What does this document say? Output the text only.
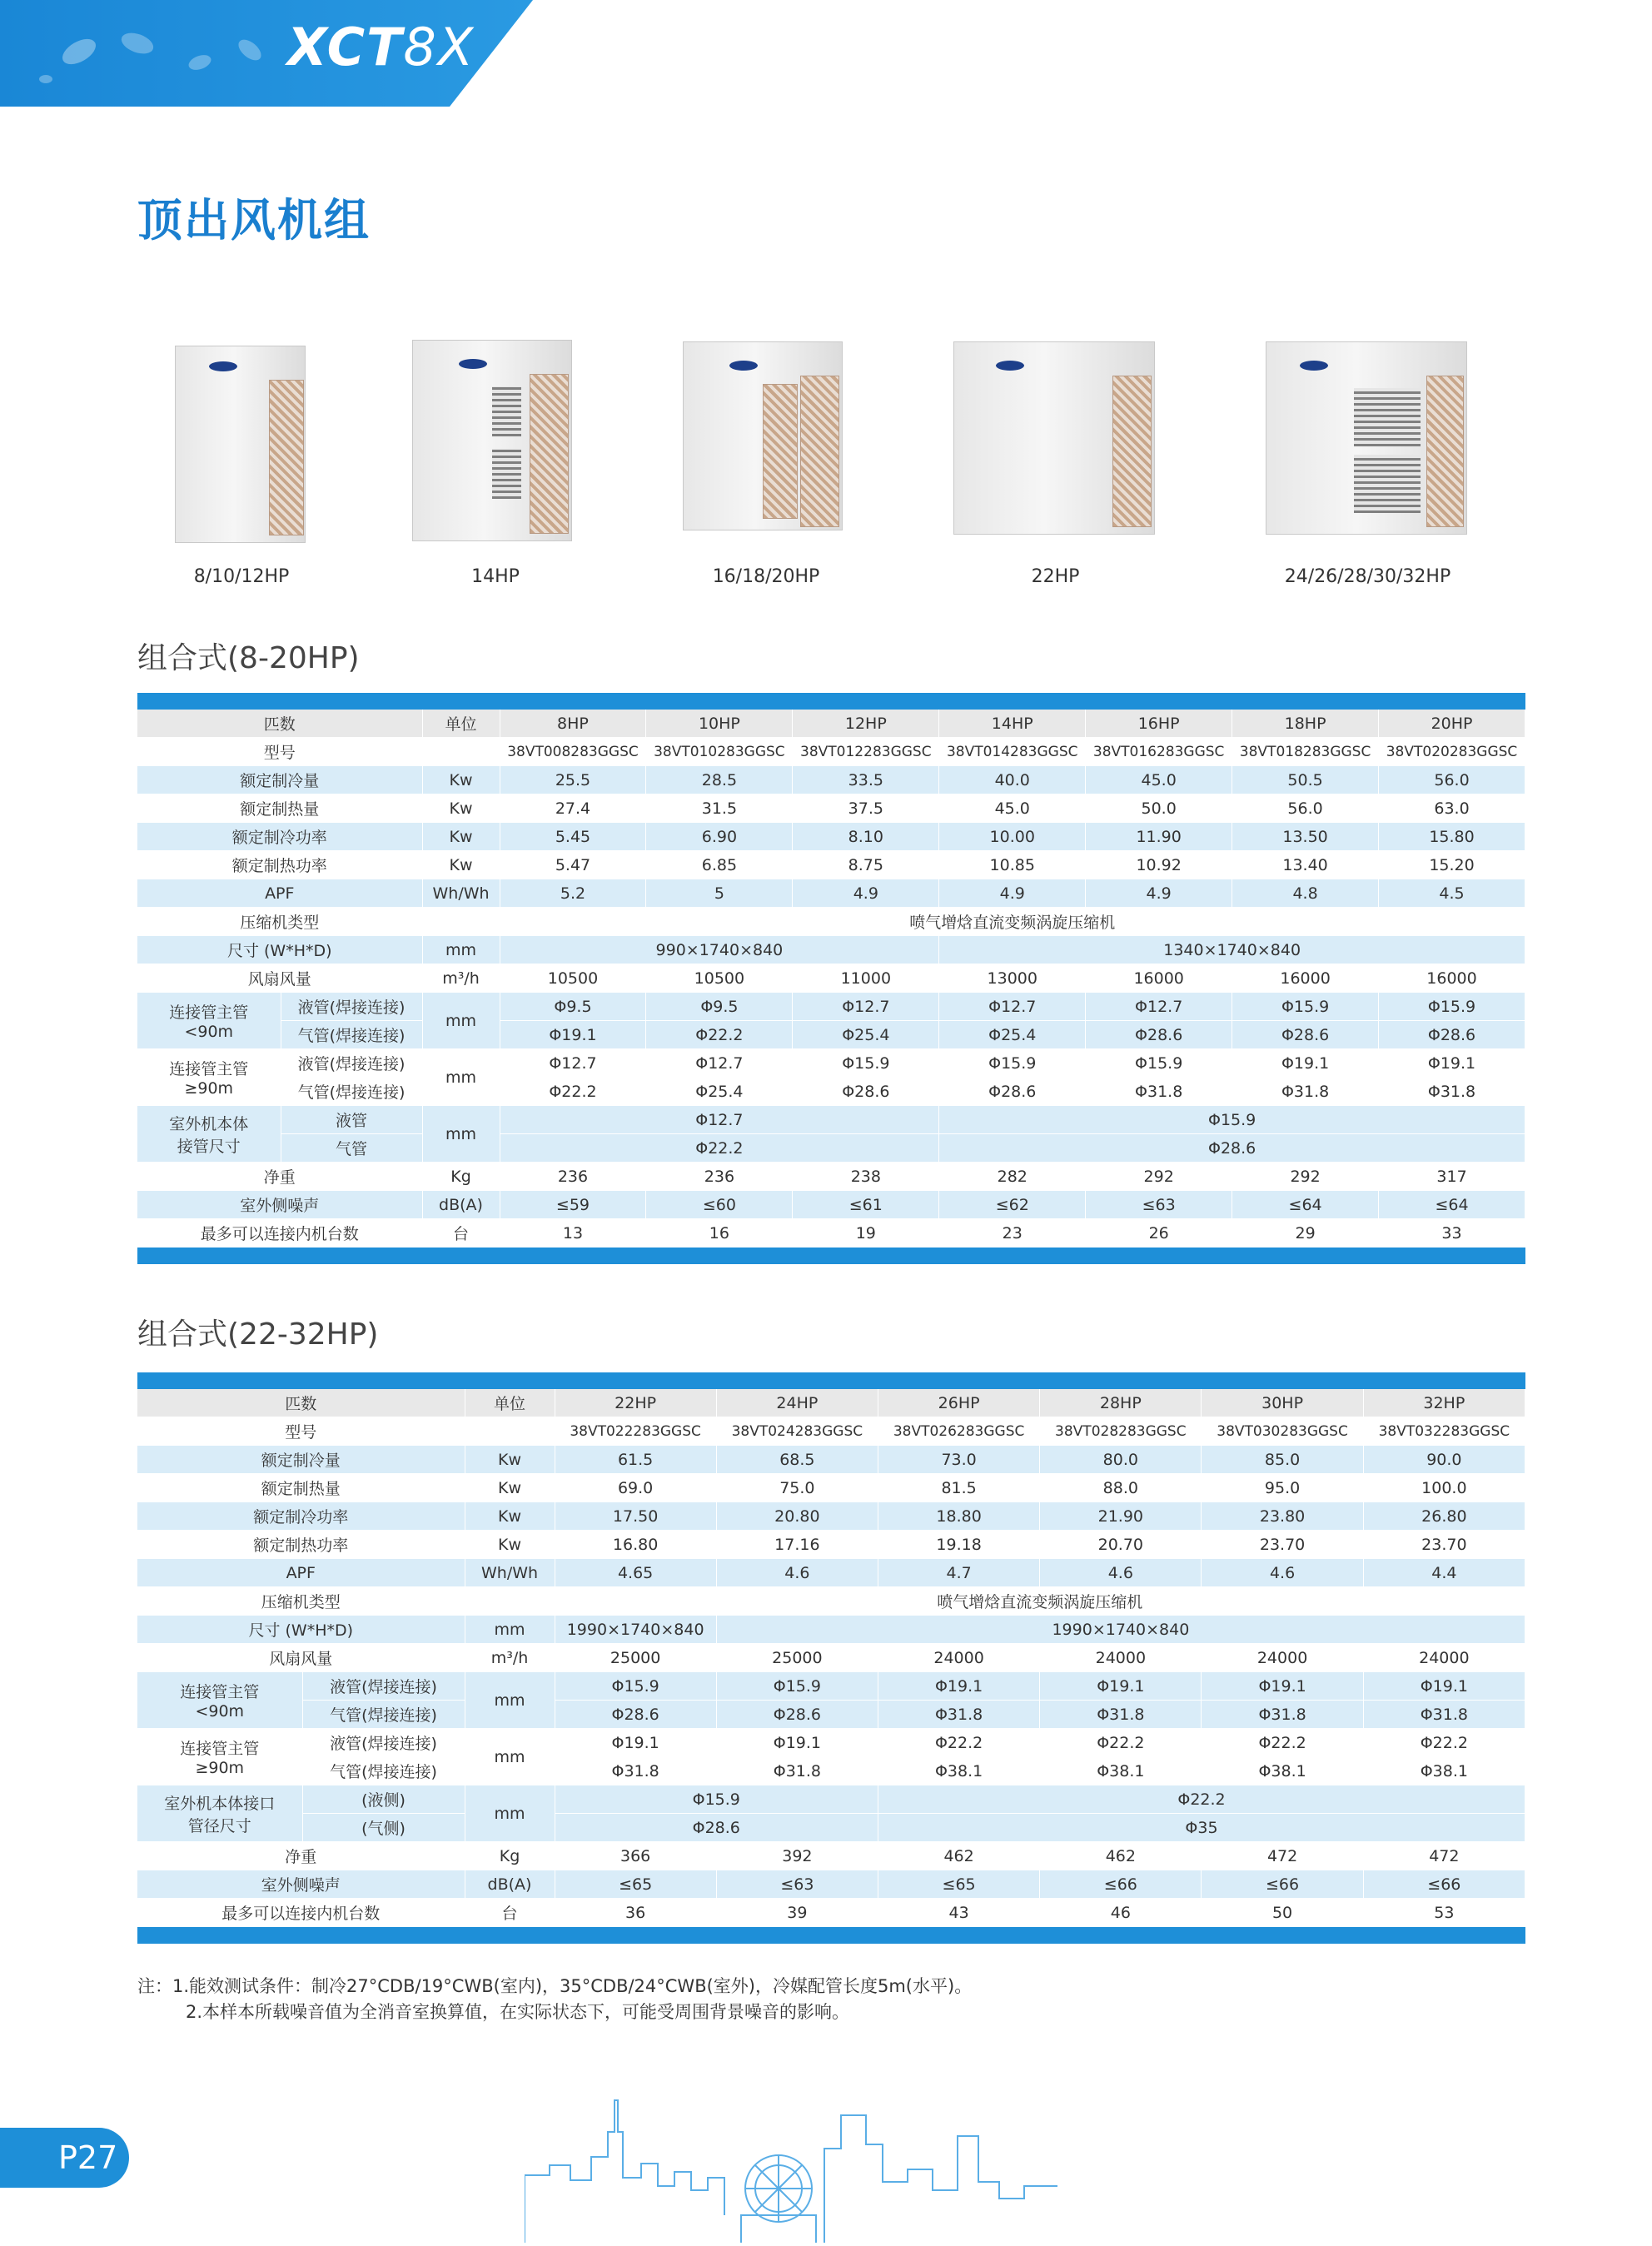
XCT8X
顶出风机组
8/10/12HP	14HP	16/18/20HP	22HP	24/26/28/30/32HP
组合式(8-20HP)
匹数		单位	8HP	10HP	12HP	14HP	16HP	18HP	20HP
型号			38VT008283GGSC	38VT010283GGSC	38VT012283GGSC	38VT014283GGSC	38VT016283GGSC	38VT018283GGSC	38VT020283GGSC
额定制冷量		Kw	25.5	28.5	33.5	40.0	45.0	50.5	56.0
额定制热量		Kw	27.4	31.5	37.5	45.0	50.0	56.0	63.0
额定制冷功率		Kw	5.45	6.90	8.10	10.00	11.90	13.50	15.80
额定制热功率		Kw	5.47	6.85	8.75	10.85	10.92	13.40	15.20
APF		Wh/Wh	5.2	5	4.9	4.9	4.9	4.8	4.5
压缩机类型			喷气增焓直流变频涡旋压缩机						
尺寸 (W*H*D)		mm	990×1740×840			1340×1740×840			
风扇风量		m³/h	10500	10500	11000	13000	16000	16000	16000
连接管主管
<90m	液管(焊接连接)	mm	Φ9.5	Φ9.5	Φ12.7	Φ12.7	Φ12.7	Φ15.9	Φ15.9
	气管(焊接连接)		Φ19.1	Φ22.2	Φ25.4	Φ25.4	Φ28.6	Φ28.6	Φ28.6
连接管主管
≥90m	液管(焊接连接)	mm	Φ12.7	Φ12.7	Φ15.9	Φ15.9	Φ15.9	Φ19.1	Φ19.1
	气管(焊接连接)		Φ22.2	Φ25.4	Φ28.6	Φ28.6	Φ31.8	Φ31.8	Φ31.8
室外机本体
接管尺寸	液管	mm	Φ12.7			Φ15.9			
	气管		Φ22.2			Φ28.6			
净重		Kg	236	236	238	282	292	292	317
室外侧噪声		dB(A)	≤59	≤60	≤61	≤62	≤63	≤64	≤64
最多可以连接内机台数		台	13	16	19	23	26	29	33
组合式(22-32HP)
匹数		单位	22HP	24HP	26HP	28HP	30HP	32HP
型号			38VT022283GGSC	38VT024283GGSC	38VT026283GGSC	38VT028283GGSC	38VT030283GGSC	38VT032283GGSC
额定制冷量		Kw	61.5	68.5	73.0	80.0	85.0	90.0
额定制热量		Kw	69.0	75.0	81.5	88.0	95.0	100.0
额定制冷功率		Kw	17.50	20.80	18.80	21.90	23.80	26.80
额定制热功率		Kw	16.80	17.16	19.18	20.70	23.70	23.70
APF		Wh/Wh	4.65	4.6	4.7	4.6	4.6	4.4
压缩机类型			喷气增焓直流变频涡旋压缩机					
尺寸 (W*H*D)		mm	1990×1740×840	1990×1740×840				
风扇风量		m³/h	25000	25000	24000	24000	24000	24000
连接管主管
<90m	液管(焊接连接)	mm	Φ15.9	Φ15.9	Φ19.1	Φ19.1	Φ19.1	Φ19.1
	气管(焊接连接)		Φ28.6	Φ28.6	Φ31.8	Φ31.8	Φ31.8	Φ31.8
连接管主管
≥90m	液管(焊接连接)	mm	Φ19.1	Φ19.1	Φ22.2	Φ22.2	Φ22.2	Φ22.2
	气管(焊接连接)		Φ31.8	Φ31.8	Φ38.1	Φ38.1	Φ38.1	Φ38.1
室外机本体接口
管径尺寸	(液侧)	mm	Φ15.9		Φ22.2			
	(气侧)		Φ28.6		Φ35			
净重		Kg	366	392	462	462	472	472
室外侧噪声		dB(A)	≤65	≤63	≤65	≤66	≤66	≤66
最多可以连接内机台数		台	36	39	43	46	50	53
注：1.能效测试条件：制冷27°CDB/19°CWB(室内)，35°CDB/24°CWB(室外)，冷媒配管长度5m(水平)。
2.本样本所载噪音值为全消音室换算值，在实际状态下，可能受周围背景噪音的影响。
P27
